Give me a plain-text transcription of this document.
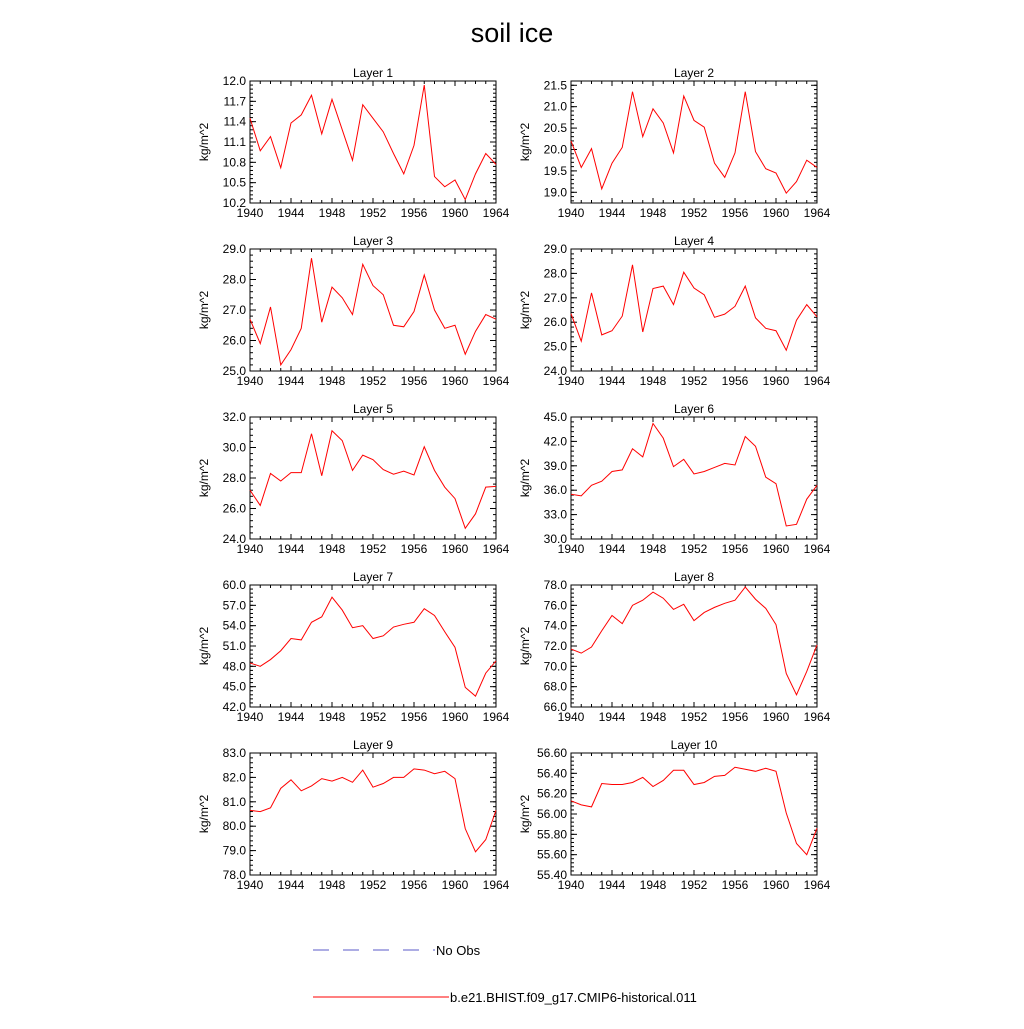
soil ice
Layer 1
kg/m^2
1940 1944 1948 1952 1956 1960 1964
10.2
10.5
10.8
11.1
11.4
11.7
12.0
Layer 2
kg/m^2
1940 1944 1948 1952 1956 1960 1964
19.0
19.5
20.0
20.5
21.0
21.5
Layer 3
kg/m^2
1940 1944 1948 1952 1956 1960 1964
25.0
26.0
27.0
28.0
29.0
Layer 4
kg/m^2
1940 1944 1948 1952 1956 1960 1964
24.0
25.0
26.0
27.0
28.0
29.0
Layer 5
kg/m^2
1940 1944 1948 1952 1956 1960 1964
24.0
26.0
28.0
30.0
32.0
Layer 6
kg/m^2
1940 1944 1948 1952 1956 1960 1964
30.0
33.0
36.0
39.0
42.0
45.0
Layer 7
kg/m^2
1940 1944 1948 1952 1956 1960 1964
42.0
45.0
48.0
51.0
54.0
57.0
60.0
Layer 8
kg/m^2
1940 1944 1948 1952 1956 1960 1964
66.0
68.0
70.0
72.0
74.0
76.0
78.0
Layer 9
kg/m^2
1940 1944 1948 1952 1956 1960 1964
78.0
79.0
80.0
81.0
82.0
83.0
Layer 10
kg/m^2
1940 1944 1948 1952 1956 1960 1964
55.40
55.60
55.80
56.00
56.20
56.40
56.60
No Obs
b.e21.BHIST.f09_g17.CMIP6-historical.011
